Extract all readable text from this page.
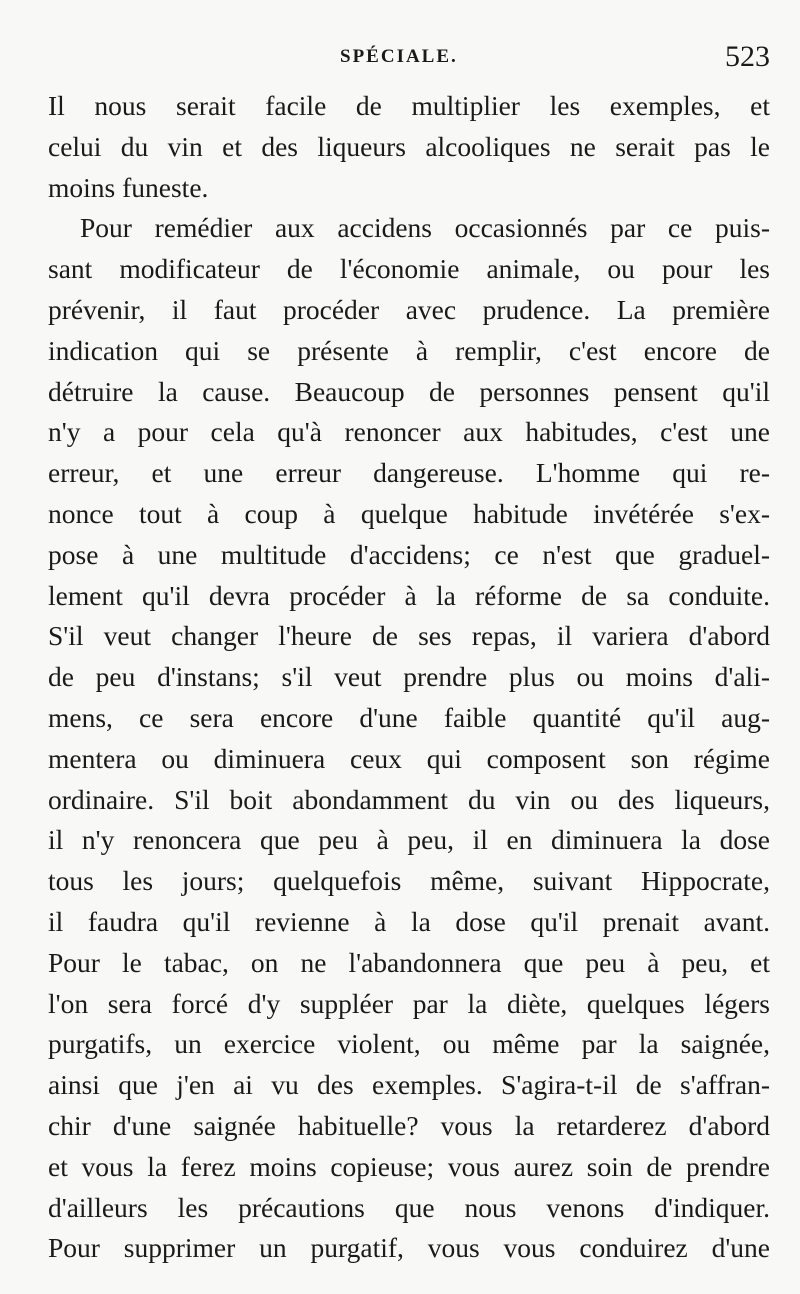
SPÉCIALE.	523
Il nous serait facile de multiplier les exemples, et
celui du vin et des liqueurs alcooliques ne serait pas le
moins funeste.
Pour remédier aux accidens occasionnés par ce puis-
sant modificateur de l'économie animale, ou pour les
prévenir, il faut procéder avec prudence. La première
indication qui se présente à remplir, c'est encore de
détruire la cause. Beaucoup de personnes pensent qu'il
n'y a pour cela qu'à renoncer aux habitudes, c'est une
erreur, et une erreur dangereuse. L'homme qui re-
nonce tout à coup à quelque habitude invétérée s'ex-
pose à une multitude d'accidens; ce n'est que graduel-
lement qu'il devra procéder à la réforme de sa conduite.
S'il veut changer l'heure de ses repas, il variera d'abord
de peu d'instans; s'il veut prendre plus ou moins d'ali-
mens, ce sera encore d'une faible quantité qu'il aug-
mentera ou diminuera ceux qui composent son régime
ordinaire. S'il boit abondamment du vin ou des liqueurs,
il n'y renoncera que peu à peu, il en diminuera la dose
tous les jours; quelquefois même, suivant Hippocrate,
il faudra qu'il revienne à la dose qu'il prenait avant.
Pour le tabac, on ne l'abandonnera que peu à peu, et
l'on sera forcé d'y suppléer par la diète, quelques légers
purgatifs, un exercice violent, ou même par la saignée,
ainsi que j'en ai vu des exemples. S'agira-t-il de s'affran-
chir d'une saignée habituelle? vous la retarderez d'abord
et vous la ferez moins copieuse; vous aurez soin de prendre
d'ailleurs les précautions que nous venons d'indiquer.
Pour supprimer un purgatif, vous vous conduirez d'une
